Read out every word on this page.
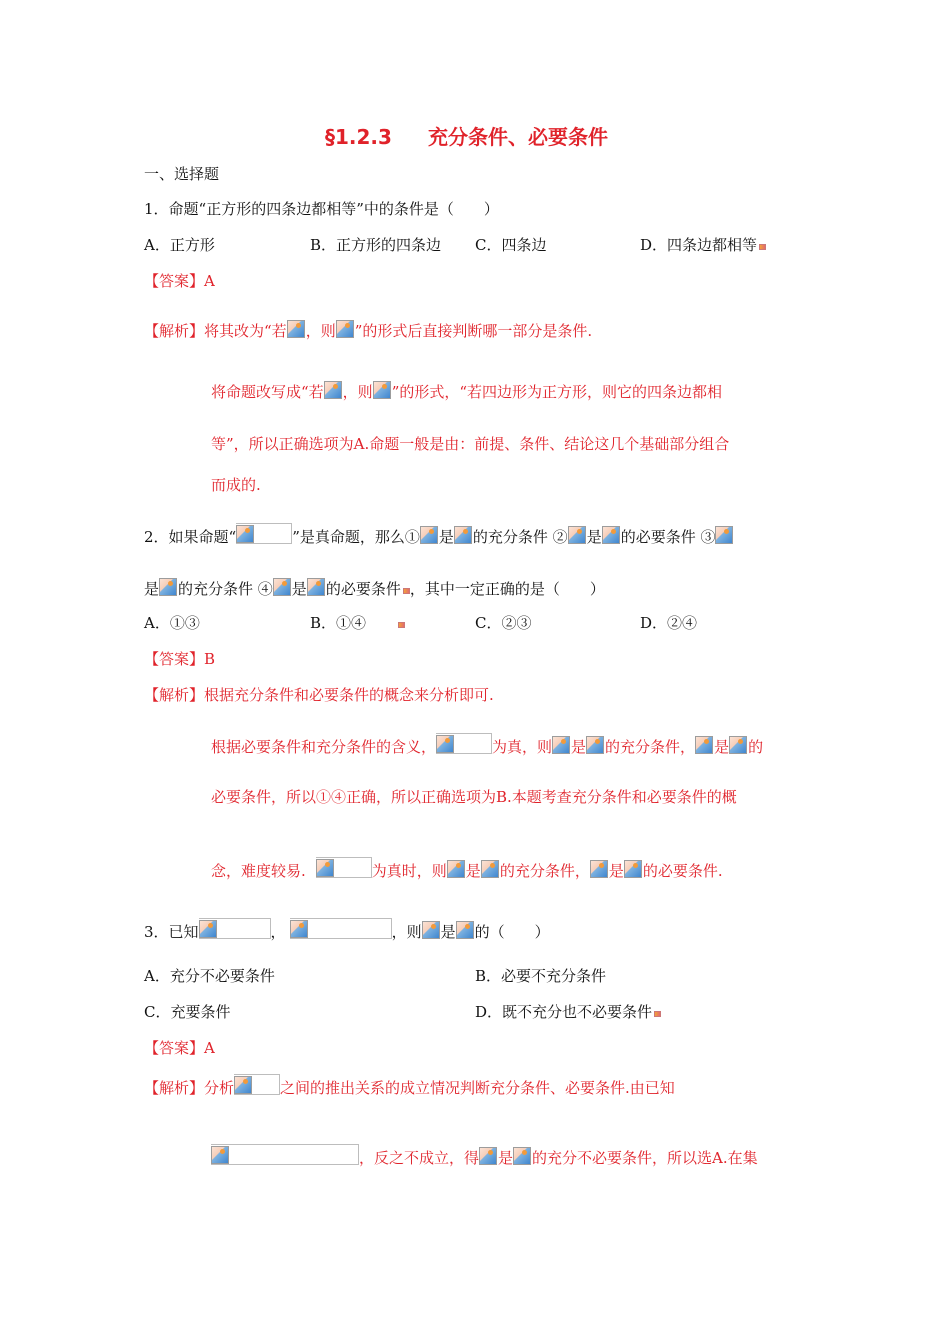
§1.2.3 充分条件、必要条件
一、选择题
1．命题“正方形的四条边都相等”中的条件是（　　）
A．正方形	B．正方形的四条边 C．四条边	D．四条边都相等
【答案】A
【解析】将其改为“若 ，则 ”的形式后直接判断哪一部分是条件.
将命题改写成“若 ，则 ”的形式，“若四边形为正方形，则它的四条边都相
等”，所以正确选项为A.命题一般是由：前提、条件、结论这几个基础部分组合
而成的.
2．如果命题“	”是真命题，那么① 是 的充分条件 ② 是 的必要条件 ③
是 的充分条件 ④ 是 的必要条件 ，其中一定正确的是（　　）
A．①③	B．①④	C．②③	D．②④
【答案】B
【解析】根据充分条件和必要条件的概念来分析即可.
根据必要条件和充分条件的含义，	为真，则 是 的充分条件， 是 的
必要条件，所以①④正确，所以正确选项为B.本题考查充分条件和必要条件的概
念，难度较易.	为真时，则 是 的充分条件， 是 的必要条件.
3．已知	，	，则 是 的（　　）
A．充分不必要条件	B．必要不充分条件
C．充要条件	D．既不充分也不必要条件
【答案】A
【解析】分析	之间的推出关系的成立情况判断充分条件、必要条件.由已知
，反之不成立，得 是 的充分不必要条件，所以选A.在集
